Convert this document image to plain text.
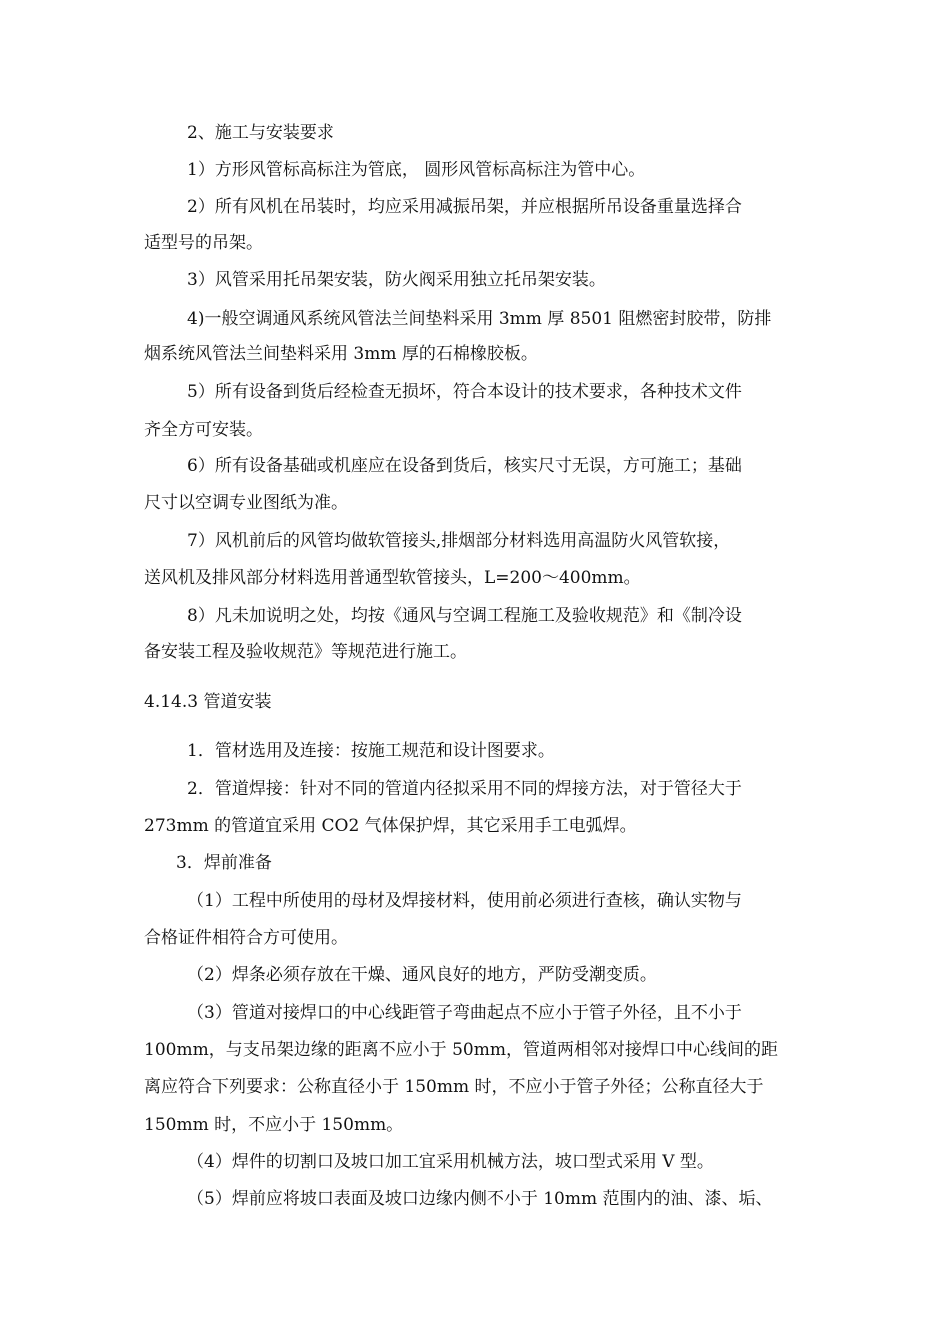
2、施工与安装要求
1）方形风管标高标注为管底， 圆形风管标高标注为管中心。
2）所有风机在吊装时，均应采用减振吊架，并应根据所吊设备重量选择合
适型号的吊架。
3）风管采用托吊架安装，防火阀采用独立托吊架安装。
4)一般空调通风系统风管法兰间垫料采用 3mm 厚 8501 阻燃密封胶带，防排
烟系统风管法兰间垫料采用 3mm 厚的石棉橡胶板。
5）所有设备到货后经检查无损坏，符合本设计的技术要求，各种技术文件
齐全方可安装。
6）所有设备基础或机座应在设备到货后，核实尺寸无误，方可施工；基础
尺寸以空调专业图纸为准。
7）风机前后的风管均做软管接头,排烟部分材料选用高温防火风管软接，
送风机及排风部分材料选用普通型软管接头，L=200～400mm。
8）凡未加说明之处，均按《通风与空调工程施工及验收规范》和《制冷设
备安装工程及验收规范》等规范进行施工。
4.14.3 管道安装
1．管材选用及连接：按施工规范和设计图要求。
2．管道焊接：针对不同的管道内径拟采用不同的焊接方法，对于管径大于
273mm 的管道宜采用 CO2 气体保护焊，其它采用手工电弧焊。
3．焊前准备
（1）工程中所使用的母材及焊接材料，使用前必须进行查核，确认实物与
合格证件相符合方可使用。
（2）焊条必须存放在干燥、通风良好的地方，严防受潮变质。
（3）管道对接焊口的中心线距管子弯曲起点不应小于管子外径，且不小于
100mm，与支吊架边缘的距离不应小于 50mm，管道两相邻对接焊口中心线间的距
离应符合下列要求：公称直径小于 150mm 时，不应小于管子外径；公称直径大于
150mm 时，不应小于 150mm。
（4）焊件的切割口及坡口加工宜采用机械方法，坡口型式采用 V 型。
（5）焊前应将坡口表面及坡口边缘内侧不小于 10mm 范围内的油、漆、垢、
